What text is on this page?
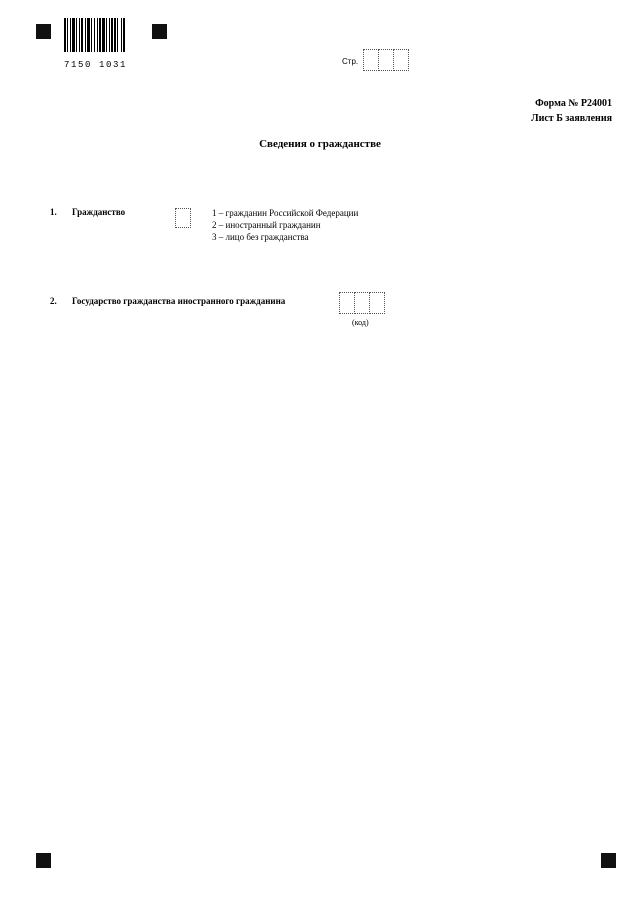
7150 1031	Стр.
Форма № Р24001
Лист Б заявления
Сведения о гражданстве
1. Гражданство	1 – гражданин Российской Федерации
2 – иностранный гражданин
3 – лицо без гражданства
2. Государство гражданства иностранного гражданина
(код)
